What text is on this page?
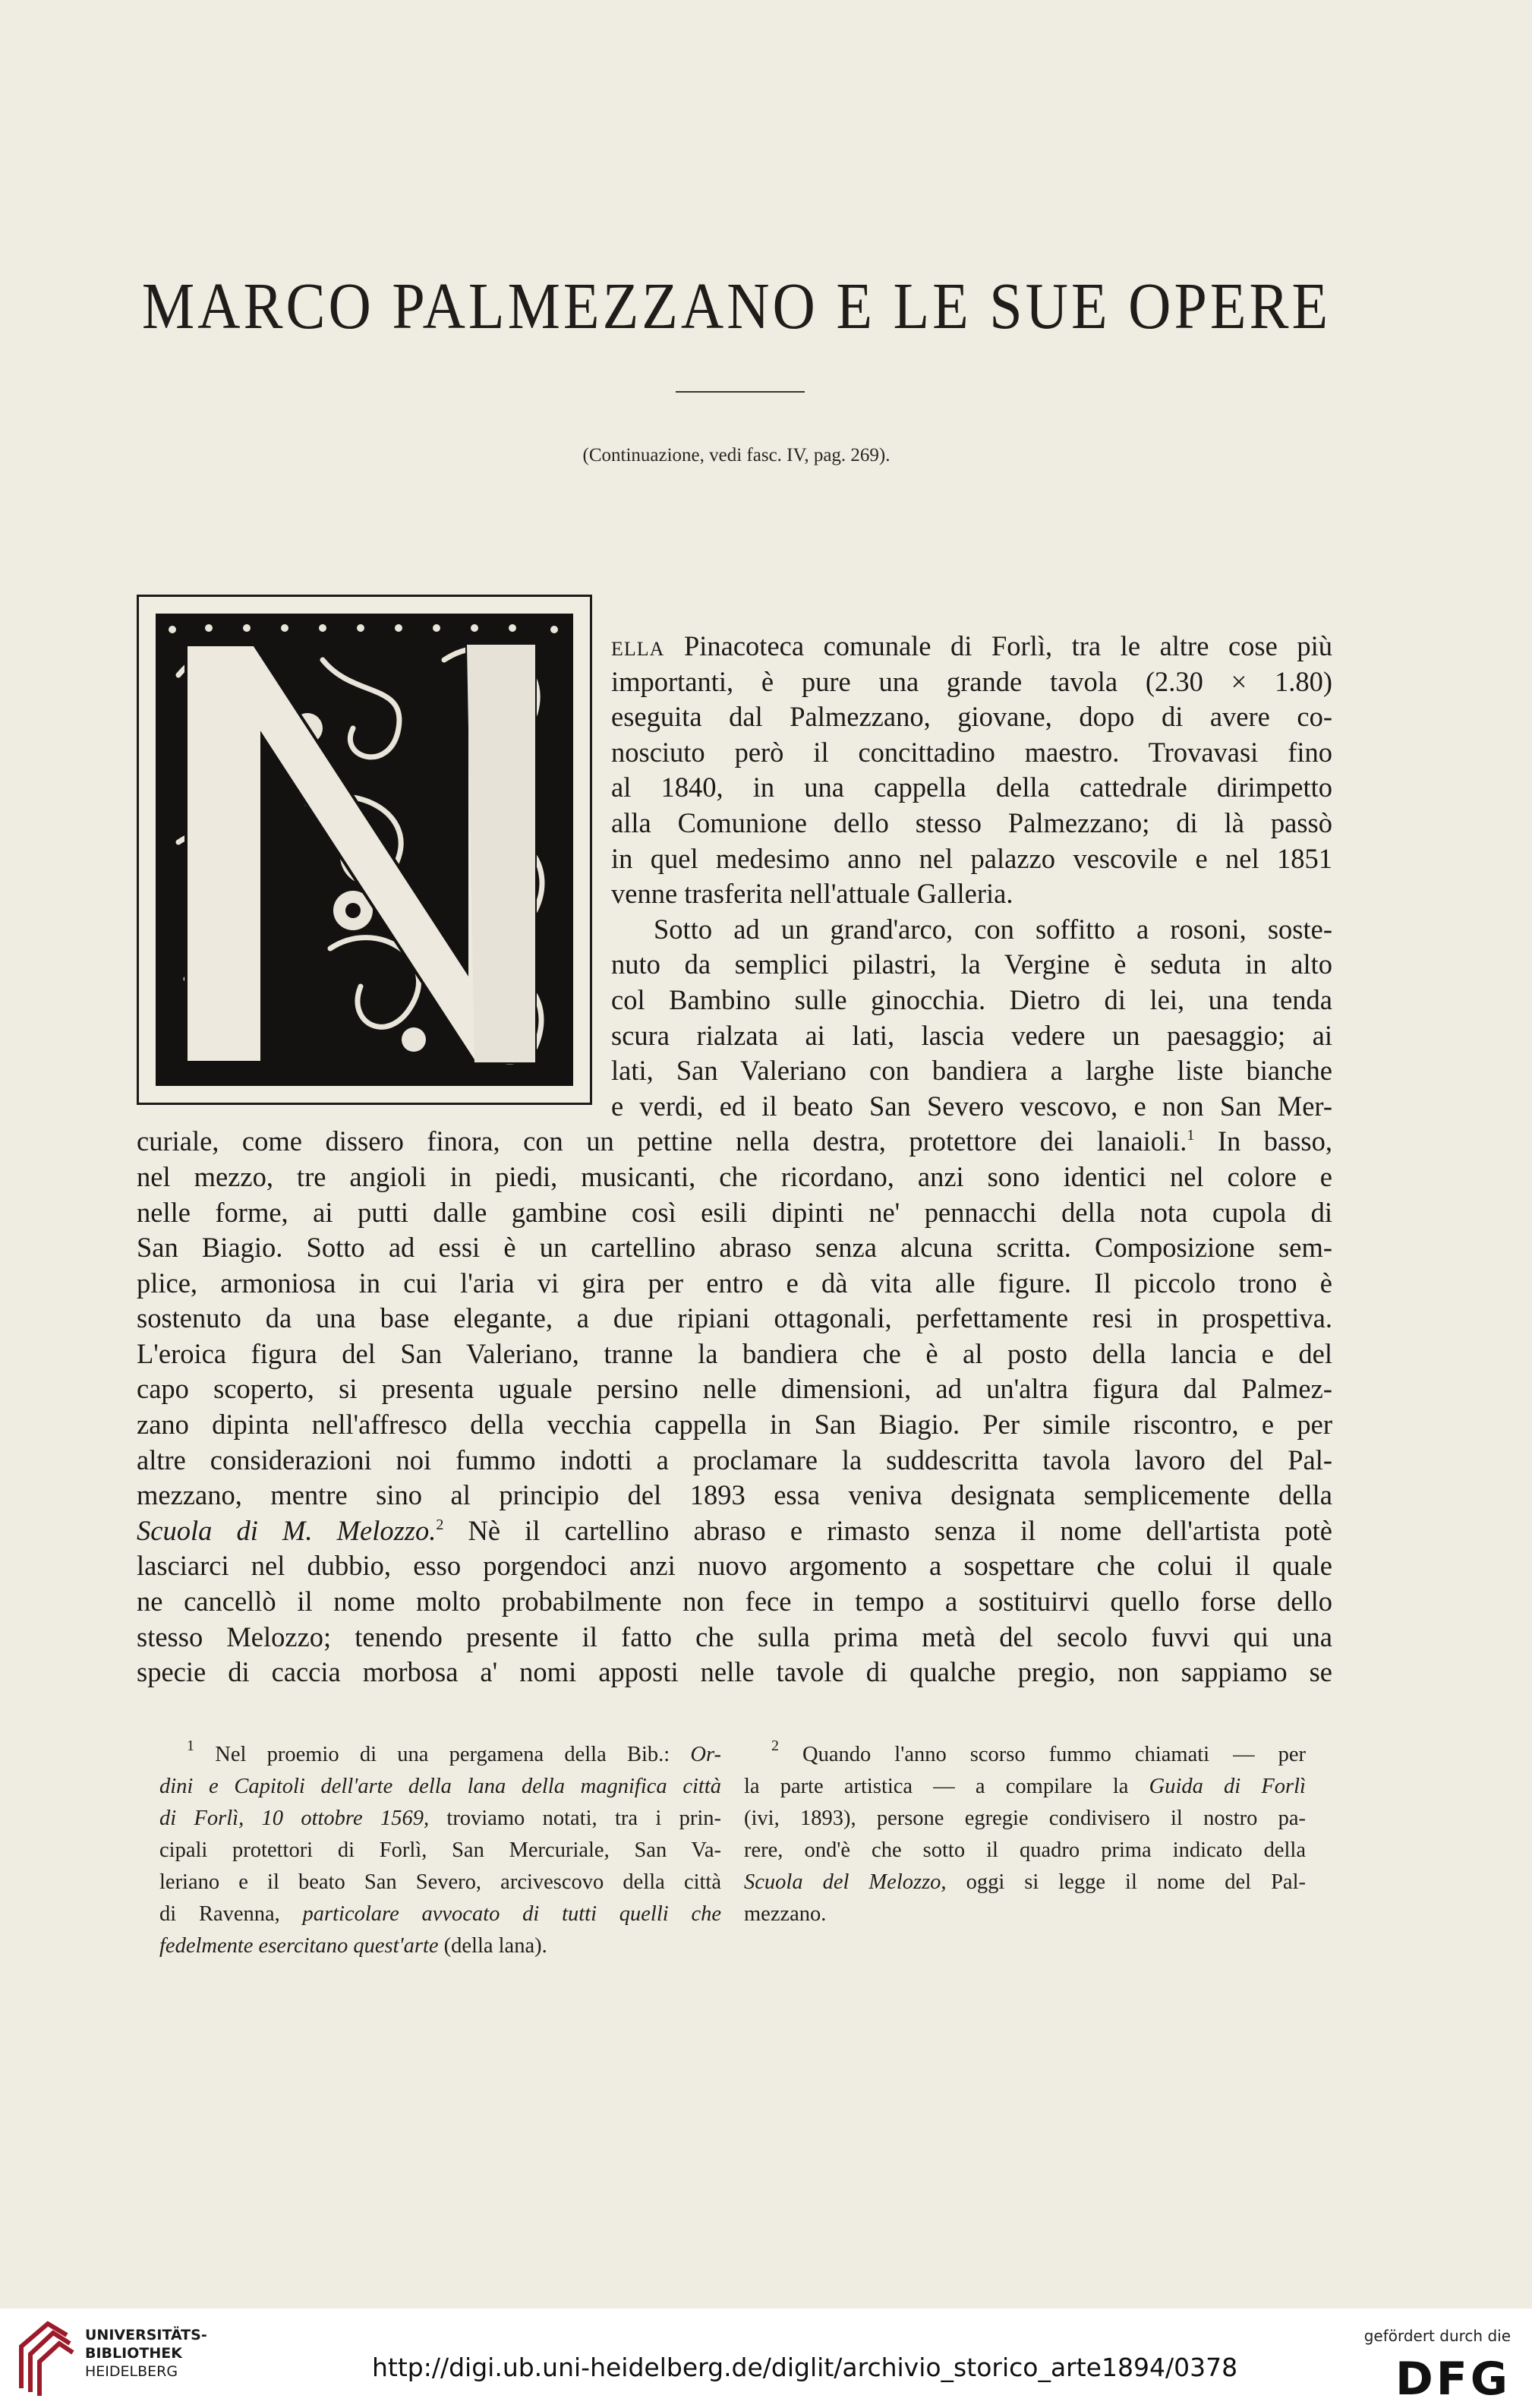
MARCO PALMEZZANO E LE SUE OPERE
(Continuazione, vedi fasc. IV, pag. 269).
ella Pinacoteca comunale di Forlì, tra le altre cose più
importanti, è pure una grande tavola (2.30 × 1.80)
eseguita dal Palmezzano, giovane, dopo di avere co-
nosciuto però il concittadino maestro. Trovavasi fino
al 1840, in una cappella della cattedrale dirimpetto
alla Comunione dello stesso Palmezzano; di là passò
in quel medesimo anno nel palazzo vescovile e nel 1851
venne trasferita nell'attuale Galleria.
Sotto ad un grand'arco, con soffitto a rosoni, soste-
nuto da semplici pilastri, la Vergine è seduta in alto
col Bambino sulle ginocchia. Dietro di lei, una tenda
scura rialzata ai lati, lascia vedere un paesaggio; ai
lati, San Valeriano con bandiera a larghe liste bianche
e verdi, ed il beato San Severo vescovo, e non San Mer-
curiale, come dissero finora, con un pettine nella destra, protettore dei lanaioli.$^1$ In basso,
nel mezzo, tre angioli in piedi, musicanti, che ricordano, anzi sono identici nel colore e
nelle forme, ai putti dalle gambine così esili dipinti ne' pennacchi della nota cupola di
San Biagio. Sotto ad essi è un cartellino abraso senza alcuna scritta. Composizione sem-
plice, armoniosa in cui l'aria vi gira per entro e dà vita alle figure. Il piccolo trono è
sostenuto da una base elegante, a due ripiani ottagonali, perfettamente resi in prospettiva.
L'eroica figura del San Valeriano, tranne la bandiera che è al posto della lancia e del
capo scoperto, si presenta uguale persino nelle dimensioni, ad un'altra figura dal Palmez-
zano dipinta nell'affresco della vecchia cappella in San Biagio. Per simile riscontro, e per
altre considerazioni noi fummo indotti a proclamare la suddescritta tavola lavoro del Pal-
mezzano, mentre sino al principio del 1893 essa veniva designata semplicemente della
Scuola di M. Melozzo.$^2$ Nè il cartellino abraso e rimasto senza il nome dell'artista potè
lasciarci nel dubbio, esso porgendoci anzi nuovo argomento a sospettare che colui il quale
ne cancellò il nome molto probabilmente non fece in tempo a sostituirvi quello forse dello
stesso Melozzo; tenendo presente il fatto che sulla prima metà del secolo fuvvi qui una
specie di caccia morbosa a' nomi apposti nelle tavole di qualche pregio, non sappiamo se
$^1$ Nel proemio di una pergamena della Bib.: Or-
dini e Capitoli dell'arte della lana della magnifica città
di Forlì, 10 ottobre 1569, troviamo notati, tra i prin-
cipali protettori di Forlì, San Mercuriale, San Va-
leriano e il beato San Severo, arcivescovo della città
di Ravenna, particolare avvocato di tutti quelli che
fedelmente esercitano quest'arte (della lana).
$^2$ Quando l'anno scorso fummo chiamati — per
la parte artistica — a compilare la Guida di Forlì
(ivi, 1893), persone egregie condivisero il nostro pa-
rere, ond'è che sotto il quadro prima indicato della
Scuola del Melozzo, oggi si legge il nome del Pal-
mezzano.
UNIVERSITÄTS-
BIBLIOTHEK
HEIDELBERG	http://digi.ub.uni-heidelberg.de/diglit/archivio_storico_arte1894/0378
gefördert durch die
DFG
